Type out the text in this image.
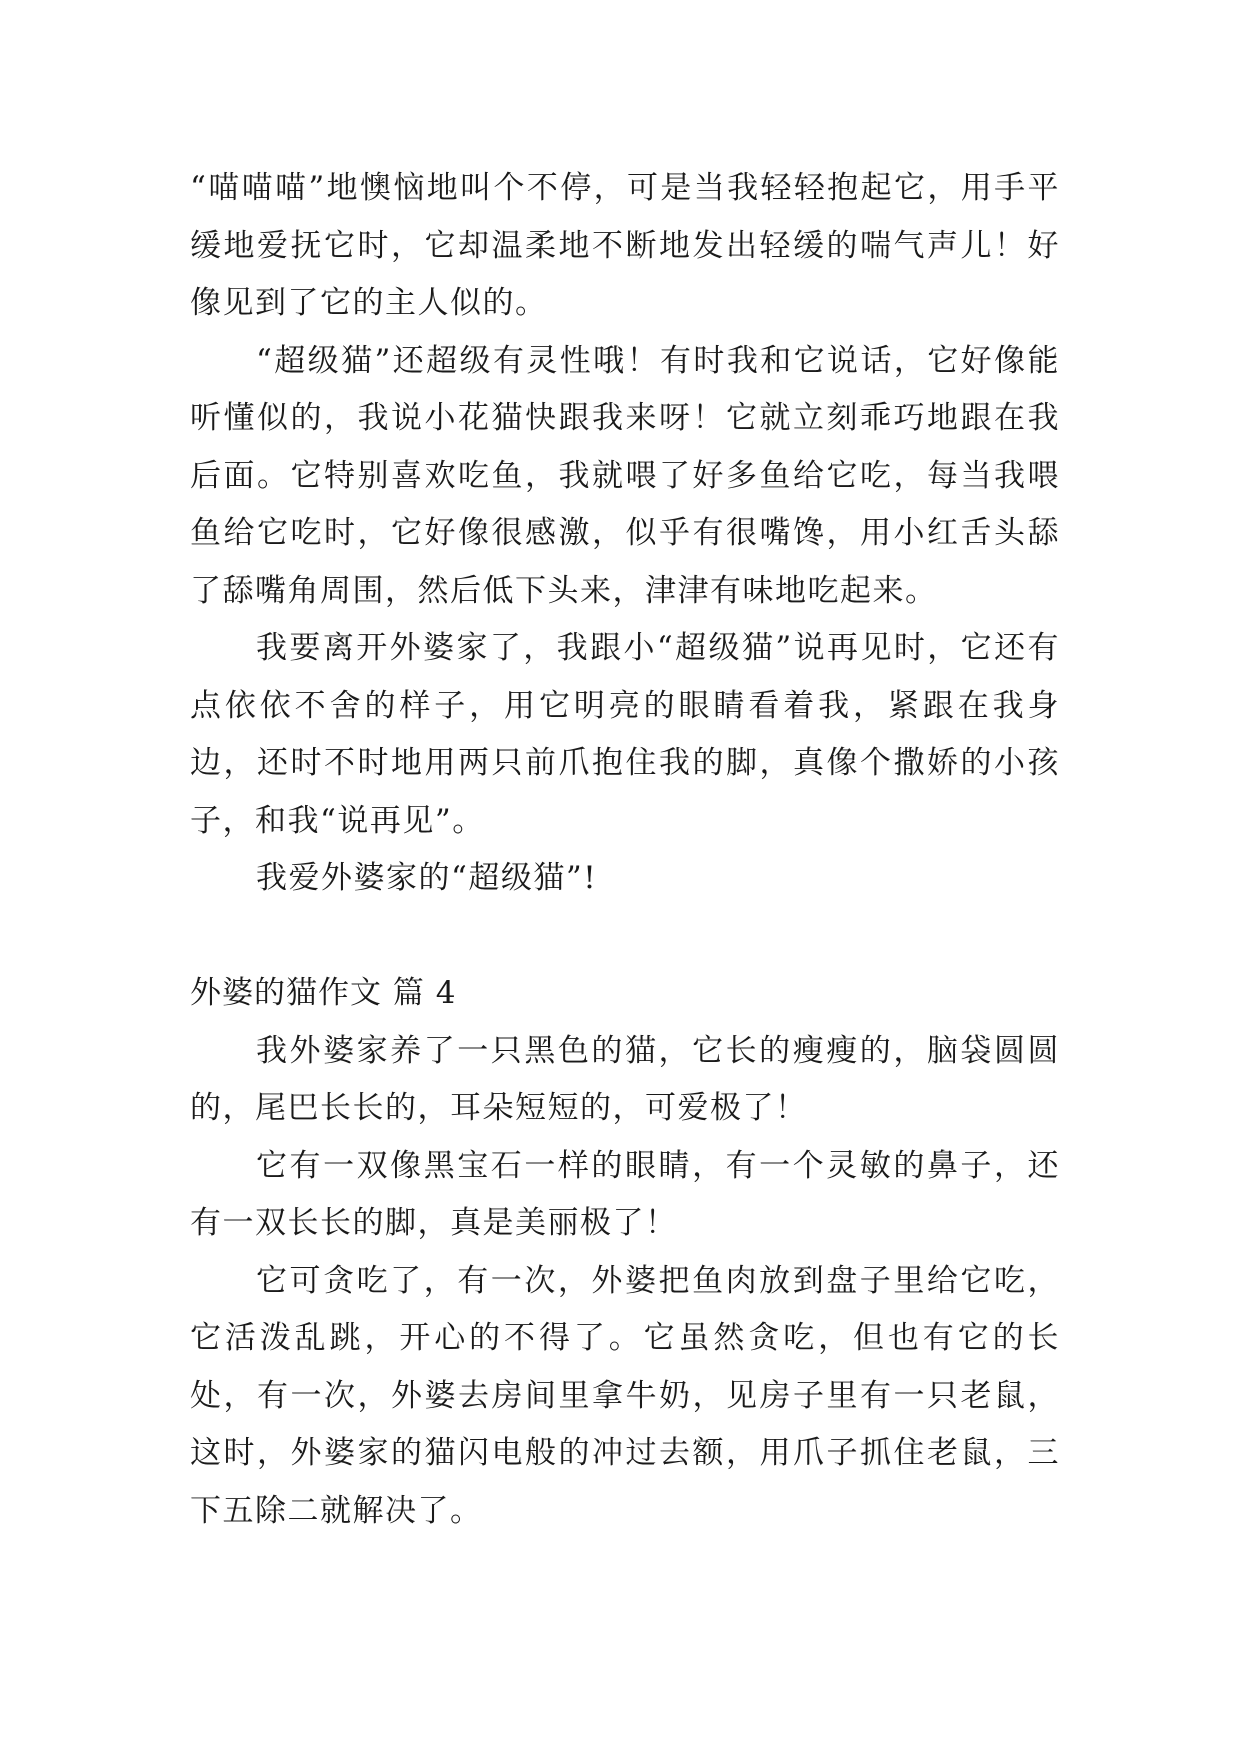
“喵喵喵”地懊恼地叫个不停，可是当我轻轻抱起它，用手平缓地爱抚它时，它却温柔地不断地发出轻缓的喘气声儿！好像见到了它的主人似的。

“超级猫”还超级有灵性哦！有时我和它说话，它好像能听懂似的，我说小花猫快跟我来呀！它就立刻乖巧地跟在我后面。它特别喜欢吃鱼，我就喂了好多鱼给它吃，每当我喂鱼给它吃时，它好像很感激，似乎有很嘴馋，用小红舌头舔了舔嘴角周围，然后低下头来，津津有味地吃起来。

我要离开外婆家了，我跟小“超级猫”说再见时，它还有点依依不舍的样子，用它明亮的眼睛看着我，紧跟在我身边，还时不时地用两只前爪抱住我的脚，真像个撒娇的小孩子，和我“说再见”。

我爱外婆家的“超级猫”!

外婆的猫作文 篇 4

我外婆家养了一只黑色的猫，它长的瘦瘦的，脑袋圆圆的，尾巴长长的，耳朵短短的，可爱极了！

它有一双像黑宝石一样的眼睛，有一个灵敏的鼻子，还有一双长长的脚，真是美丽极了！

它可贪吃了，有一次，外婆把鱼肉放到盘子里给它吃，它活泼乱跳，开心的不得了。它虽然贪吃，但也有它的长处，有一次，外婆去房间里拿牛奶，见房子里有一只老鼠，这时，外婆家的猫闪电般的冲过去额，用爪子抓住老鼠，三下五除二就解决了。
